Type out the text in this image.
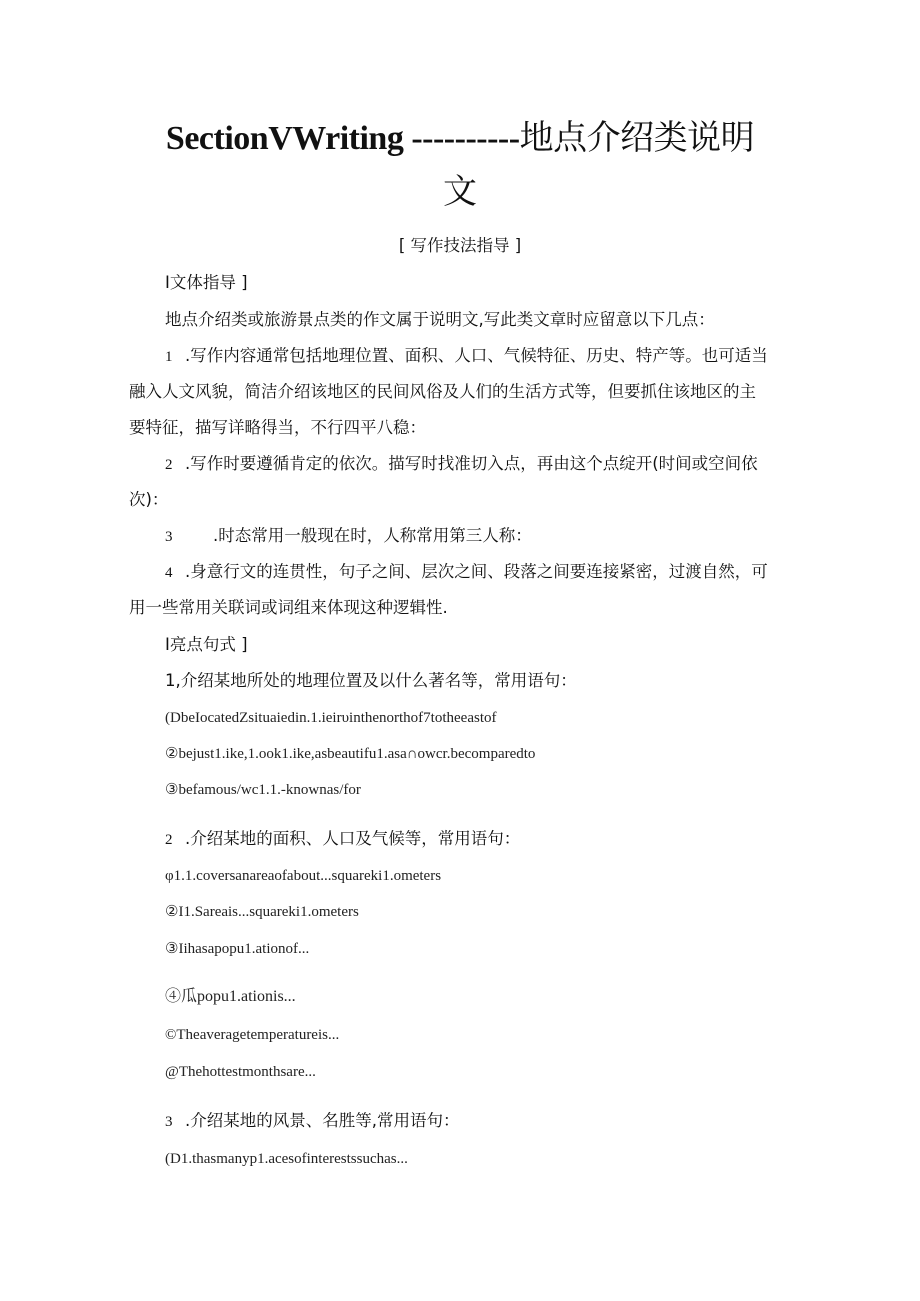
SectionVWriting ----------地点介绍类说明
文
[ 写作技法指导 ]
I文体指导 ]
地点介绍类或旅游景点类的作文属于说明文,写此类文章时应留意以下几点：
1 .写作内容通常包括地理位置、面积、人口、气候特征、历史、特产等。也可适当
融入人文风貌，简洁介绍该地区的民间风俗及人们的生活方式等，但要抓住该地区的主
要特征，描写详略得当，不行四平八稳：
2 .写作时要遵循肯定的依次。描写时找准切入点，再由这个点绽开(时间或空间依
次)：
3 .时态常用一般现在时，人称常用第三人称：
4 .身意行文的连贯性，句子之间、层次之间、段落之间要连接紧密，过渡自然，可
用一些常用关联词或词组来体现这种逻辑性.
I亮点句式 ]
1,介绍某地所处的地理位置及以什么著名等，常用语句：
(DbeIocatedZsituaiedin.1.ieirυinthenorthof7totheeastof
②bejust1.ike,1.ook1.ike,asbeautifu1.asa∩owcr.becomparedto
③befamous/wc1.1.-knownas/for
2 .介绍某地的面积、人口及气候等，常用语句：
φ1.1.coversanareaofabout...squareki1.ometers
②I1.Sareais...squareki1.ometers
③Iihasapopu1.ationof...
④瓜popu1.ationis...
©Theaveragetemperatureis...
@Thehottestmonthsare...
3 .介绍某地的风景、名胜等,常用语句：
(D1.thasmanyp1.acesofinterestssuchas...
